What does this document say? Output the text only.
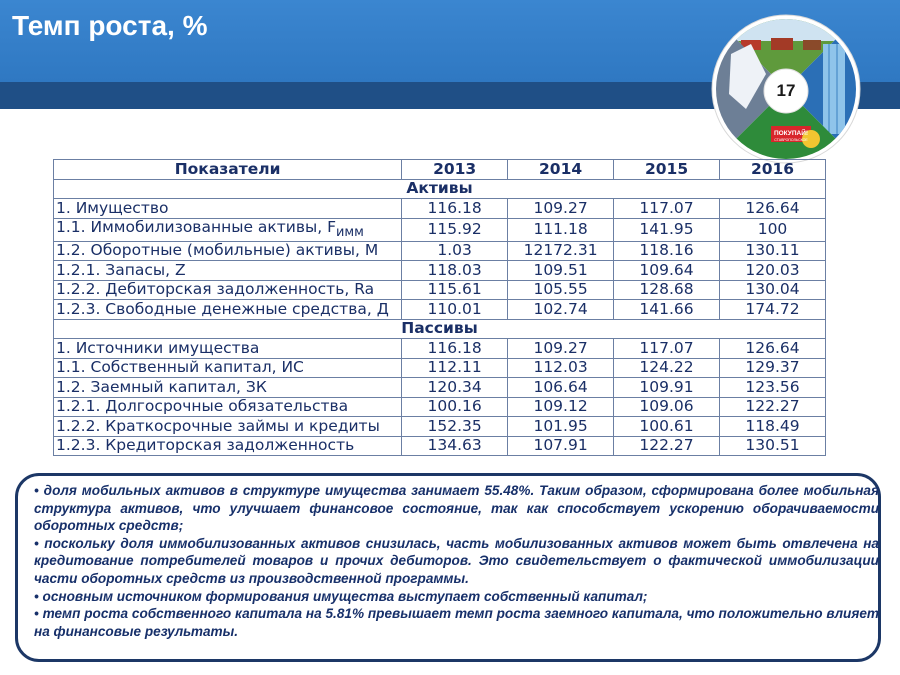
Темп роста, %
ПОКУПАЙ!
СТАВРОПОЛЬСКОЕ
17
Показатели	2013	2014	2015	2016
Активы				
1. Имущество	116.18	109.27	117.07	126.64
1.1. Иммобилизованные активы, $F_{имм}$	115.92	111.18	141.95	100
1.2. Оборотные (мобильные) активы, М	1.03	12172.31	118.16	130.11
1.2.1. Запасы, Z	118.03	109.51	109.64	120.03
1.2.2. Дебиторская задолженность, Ra	115.61	105.55	128.68	130.04
1.2.3. Свободные денежные средства, Д	110.01	102.74	141.66	174.72
Пассивы				
1. Источники имущества	116.18	109.27	117.07	126.64
1.1. Собственный капитал, ИС	112.11	112.03	124.22	129.37
1.2. Заемный капитал, ЗК	120.34	106.64	109.91	123.56
1.2.1. Долгосрочные обязательства	100.16	109.12	109.06	122.27
1.2.2. Краткосрочные займы и кредиты	152.35	101.95	100.61	118.49
1.2.3. Кредиторская задолженность	134.63	107.91	122.27	130.51

• доля мобильных активов в структуре имущества занимает 55.48%. Таким образом, сформирована более мобильная структура активов, что улучшает финансовое состояние, так как способствует ускорению оборачиваемости оборотных средств;

• поскольку доля иммобилизованных активов снизилась, часть мобилизованных активов может быть отвлечена на кредитование потребителей товаров и прочих дебиторов. Это свидетельствует о фактической иммобилизации части оборотных средств из производственной программы.

• основным источником формирования имущества выступает собственный капитал;

• темп роста собственного капитала на 5.81% превышает темп роста заемного капитала, что положительно влияет на финансовые результаты.
